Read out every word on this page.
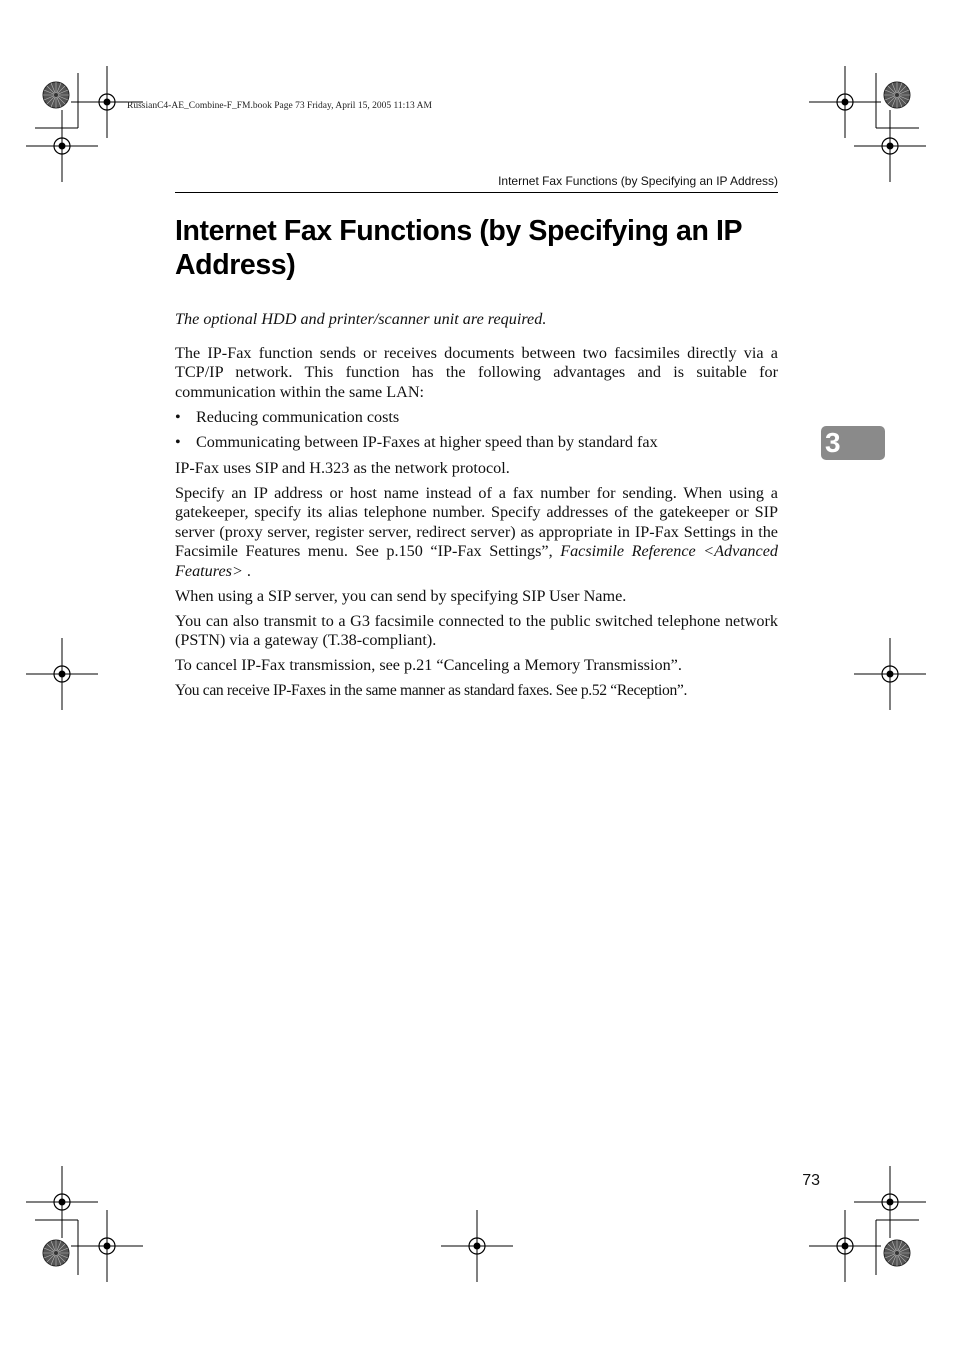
RussianC4-AE_Combine-F_FM.book Page 73 Friday, April 15, 2005 11:13 AM
Internet Fax Functions (by Specifying an IP Address)
Internet Fax Functions (by Specifying an IP Address)

The optional HDD and printer/scanner unit are required.

The IP-Fax function sends or receives documents between two facsimiles directly via a TCP/IP network. This function has the following advantages and is suitable for communication within the same LAN:

• Reducing communication costs
• Communicating between IP-Faxes at higher speed than by standard fax

IP-Fax uses SIP and H.323 as the network protocol.

Specify an IP address or host name instead of a fax number for sending. When using a gatekeeper, specify its alias telephone number. Specify addresses of the gatekeeper or SIP server (proxy server, register server, redirect server) as appropriate in IP-Fax Settings in the Facsimile Features menu. See p.150 “IP-Fax Settings”, Facsimile Reference <Advanced Features> .

When using a SIP server, you can send by specifying SIP User Name.

You can also transmit to a G3 facsimile connected to the public switched telephone network (PSTN) via a gateway (T.38-compliant).

To cancel IP-Fax transmission, see p.21 “Canceling a Memory Transmission”.

You can receive IP-Faxes in the same manner as standard faxes. See p.52 “Reception”.

3
73
